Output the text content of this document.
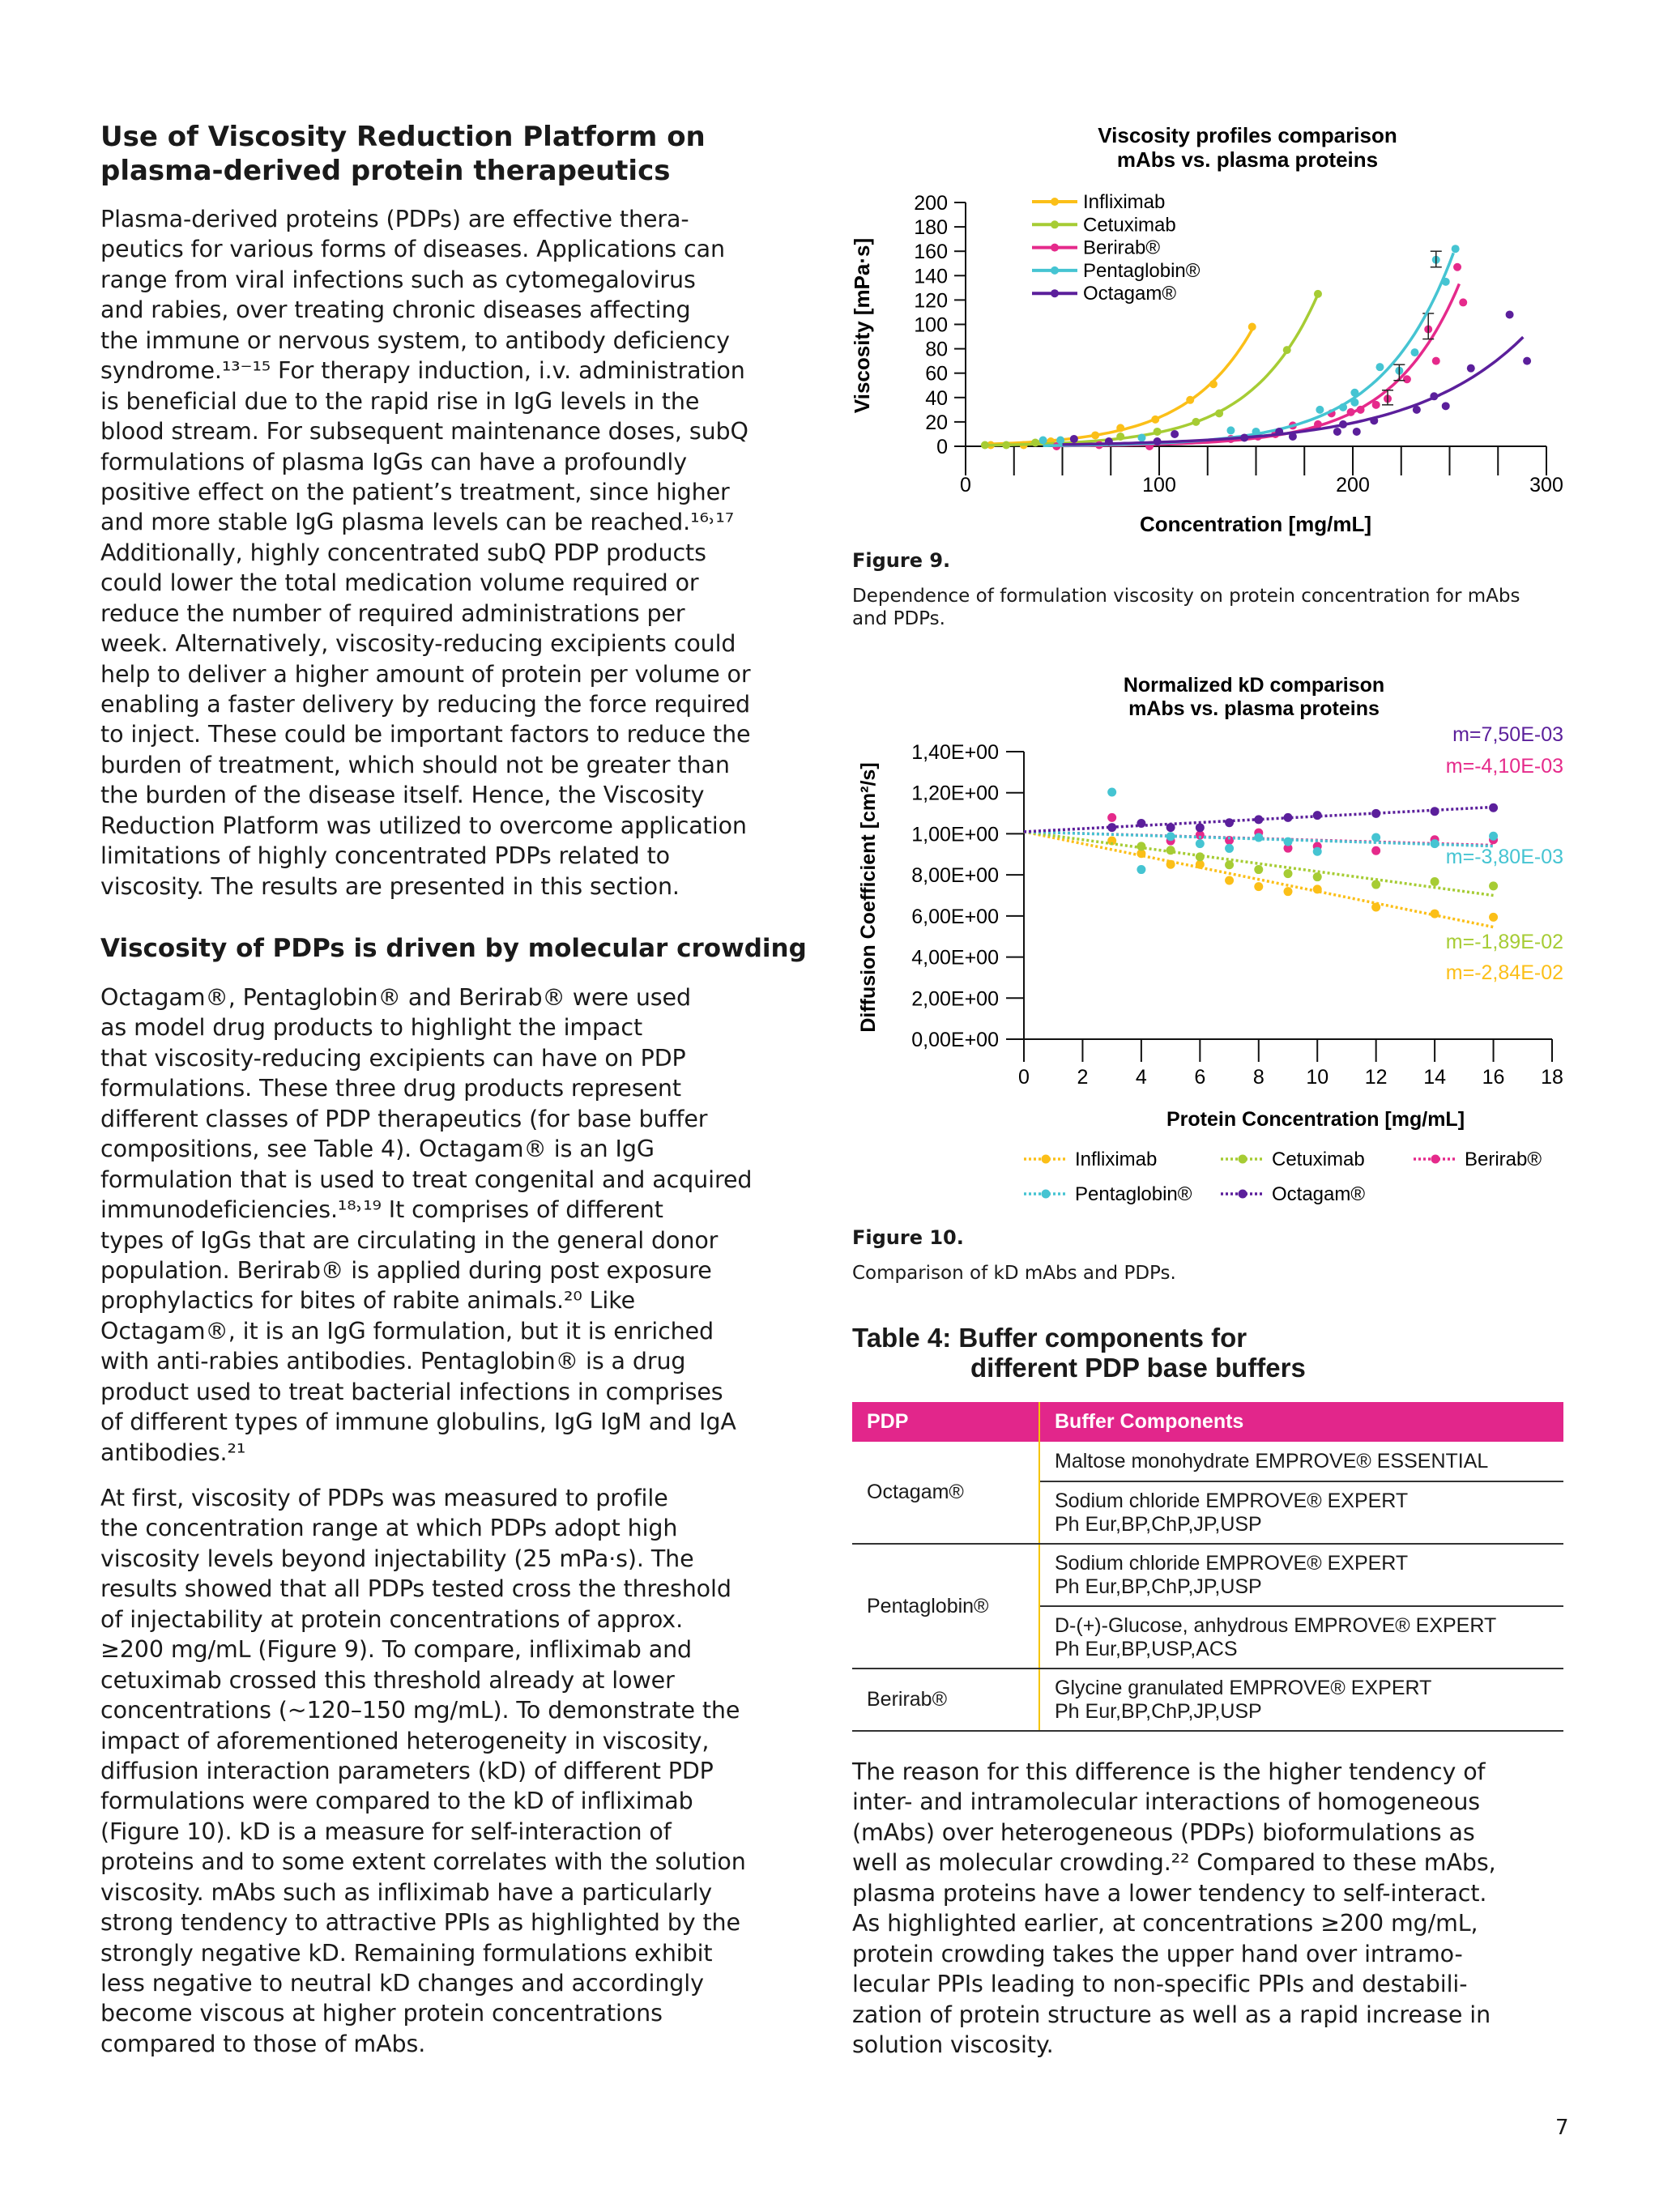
Use of Viscosity Reduction Platform on
plasma-derived protein therapeutics
Plasma-derived proteins (PDPs) are effective thera-
peutics for various forms of diseases. Applications can
range from viral infections such as cytomegalovirus
and rabies, over treating chronic diseases affecting
the immune or nervous system, to antibody deficiency
syndrome.¹³⁻¹⁵ For therapy induction, i.v. administration
is beneficial due to the rapid rise in IgG levels in the
blood stream. For subsequent maintenance doses, subQ
formulations of plasma IgGs can have a profoundly
positive effect on the patient’s treatment, since higher
and more stable IgG plasma levels can be reached.¹⁶˒¹⁷
Additionally, highly concentrated subQ PDP products
could lower the total medication volume required or
reduce the number of required administrations per
week. Alternatively, viscosity-reducing excipients could
help to deliver a higher amount of protein per volume or
enabling a faster delivery by reducing the force required
to inject. These could be important factors to reduce the
burden of treatment, which should not be greater than
the burden of the disease itself. Hence, the Viscosity
Reduction Platform was utilized to overcome application
limitations of highly concentrated PDPs related to
viscosity. The results are presented in this section.
Viscosity of PDPs is driven by molecular crowding
Octagam®, Pentaglobin® and Berirab® were used
as model drug products to highlight the impact
that viscosity-reducing excipients can have on PDP
formulations. These three drug products represent
different classes of PDP therapeutics (for base buffer
compositions, see Table 4). Octagam® is an IgG
formulation that is used to treat congenital and acquired
immunodeficiencies.¹⁸˒¹⁹ It comprises of different
types of IgGs that are circulating in the general donor
population. Berirab® is applied during post exposure
prophylactics for bites of rabite animals.²⁰ Like
Octagam®, it is an IgG formulation, but it is enriched
with anti-rabies antibodies. Pentaglobin® is a drug
product used to treat bacterial infections in comprises
of different types of immune globulins, IgG IgM and IgA
antibodies.²¹
At first, viscosity of PDPs was measured to profile
the concentration range at which PDPs adopt high
viscosity levels beyond injectability (25 mPa·s). The
results showed that all PDPs tested cross the threshold
of injectability at protein concentrations of approx.
≥200 mg/mL (Figure 9). To compare, infliximab and
cetuximab crossed this threshold already at lower
concentrations (~120–150 mg/mL). To demonstrate the
impact of aforementioned heterogeneity in viscosity,
diffusion interaction parameters (kD) of different PDP
formulations were compared to the kD of infliximab
(Figure 10). kD is a measure for self-interaction of
proteins and to some extent correlates with the solution
viscosity. mAbs such as infliximab have a particularly
strong tendency to attractive PPIs as highlighted by the
strongly negative kD. Remaining formulations exhibit
less negative to neutral kD changes and accordingly
become viscous at higher protein concentrations
compared to those of mAbs.
Viscosity profiles comparison
mAbs vs. plasma proteins
0
20
40
60
80
100
120
140
160
180
200
0	100	200	300
Concentration [mg/mL]
Viscosity [mPa·s]
Infliximab
Cetuximab
Berirab®
Pentaglobin®
Octagam®
Figure 9.
Dependence of formulation viscosity on protein concentration for mAbs
and PDPs.
Normalized kD comparison
mAbs vs. plasma proteins
0,00E+00
2,00E+00
4,00E+00
6,00E+00
8,00E+00
1,00E+00
1,20E+00
1,40E+00
0 2 4 6 8 10 12 14 16 18
Protein Concentration [mg/mL]
Diffusion Coefficient [cm²/s]	m=-2,84E-02
Infliximab
m=-1,89E-02
Cetuximab
m=-4,10E-03
Berirab®
m=-3,80E-03
Pentaglobin®
m=7,50E-03
Octagam®
Figure 10.
Comparison of kD mAbs and PDPs.
Table 4: Buffer components for
different PDP base buffers
PDP	Buffer Components
Octagam®	Maltose monohydrate EMPROVE® ESSENTIAL

	Sodium chloride EMPROVE® EXPERT
Ph Eur,BP,ChP,JP,USP

Pentaglobin®	Sodium chloride EMPROVE® EXPERT
Ph Eur,BP,ChP,JP,USP

	D-(+)-Glucose, anhydrous EMPROVE® EXPERT
Ph Eur,BP,USP,ACS

Berirab®	Glycine granulated EMPROVE® EXPERT
Ph Eur,BP,ChP,JP,USP
The reason for this difference is the higher tendency of
inter- and intramolecular interactions of homogeneous
(mAbs) over heterogeneous (PDPs) bioformulations as
well as molecular crowding.²² Compared to these mAbs,
plasma proteins have a lower tendency to self-interact.
As highlighted earlier, at concentrations ≥200 mg/mL,
protein crowding takes the upper hand over intramo-
lecular PPIs leading to non-specific PPIs and destabili-
zation of protein structure as well as a rapid increase in
solution viscosity.
7
